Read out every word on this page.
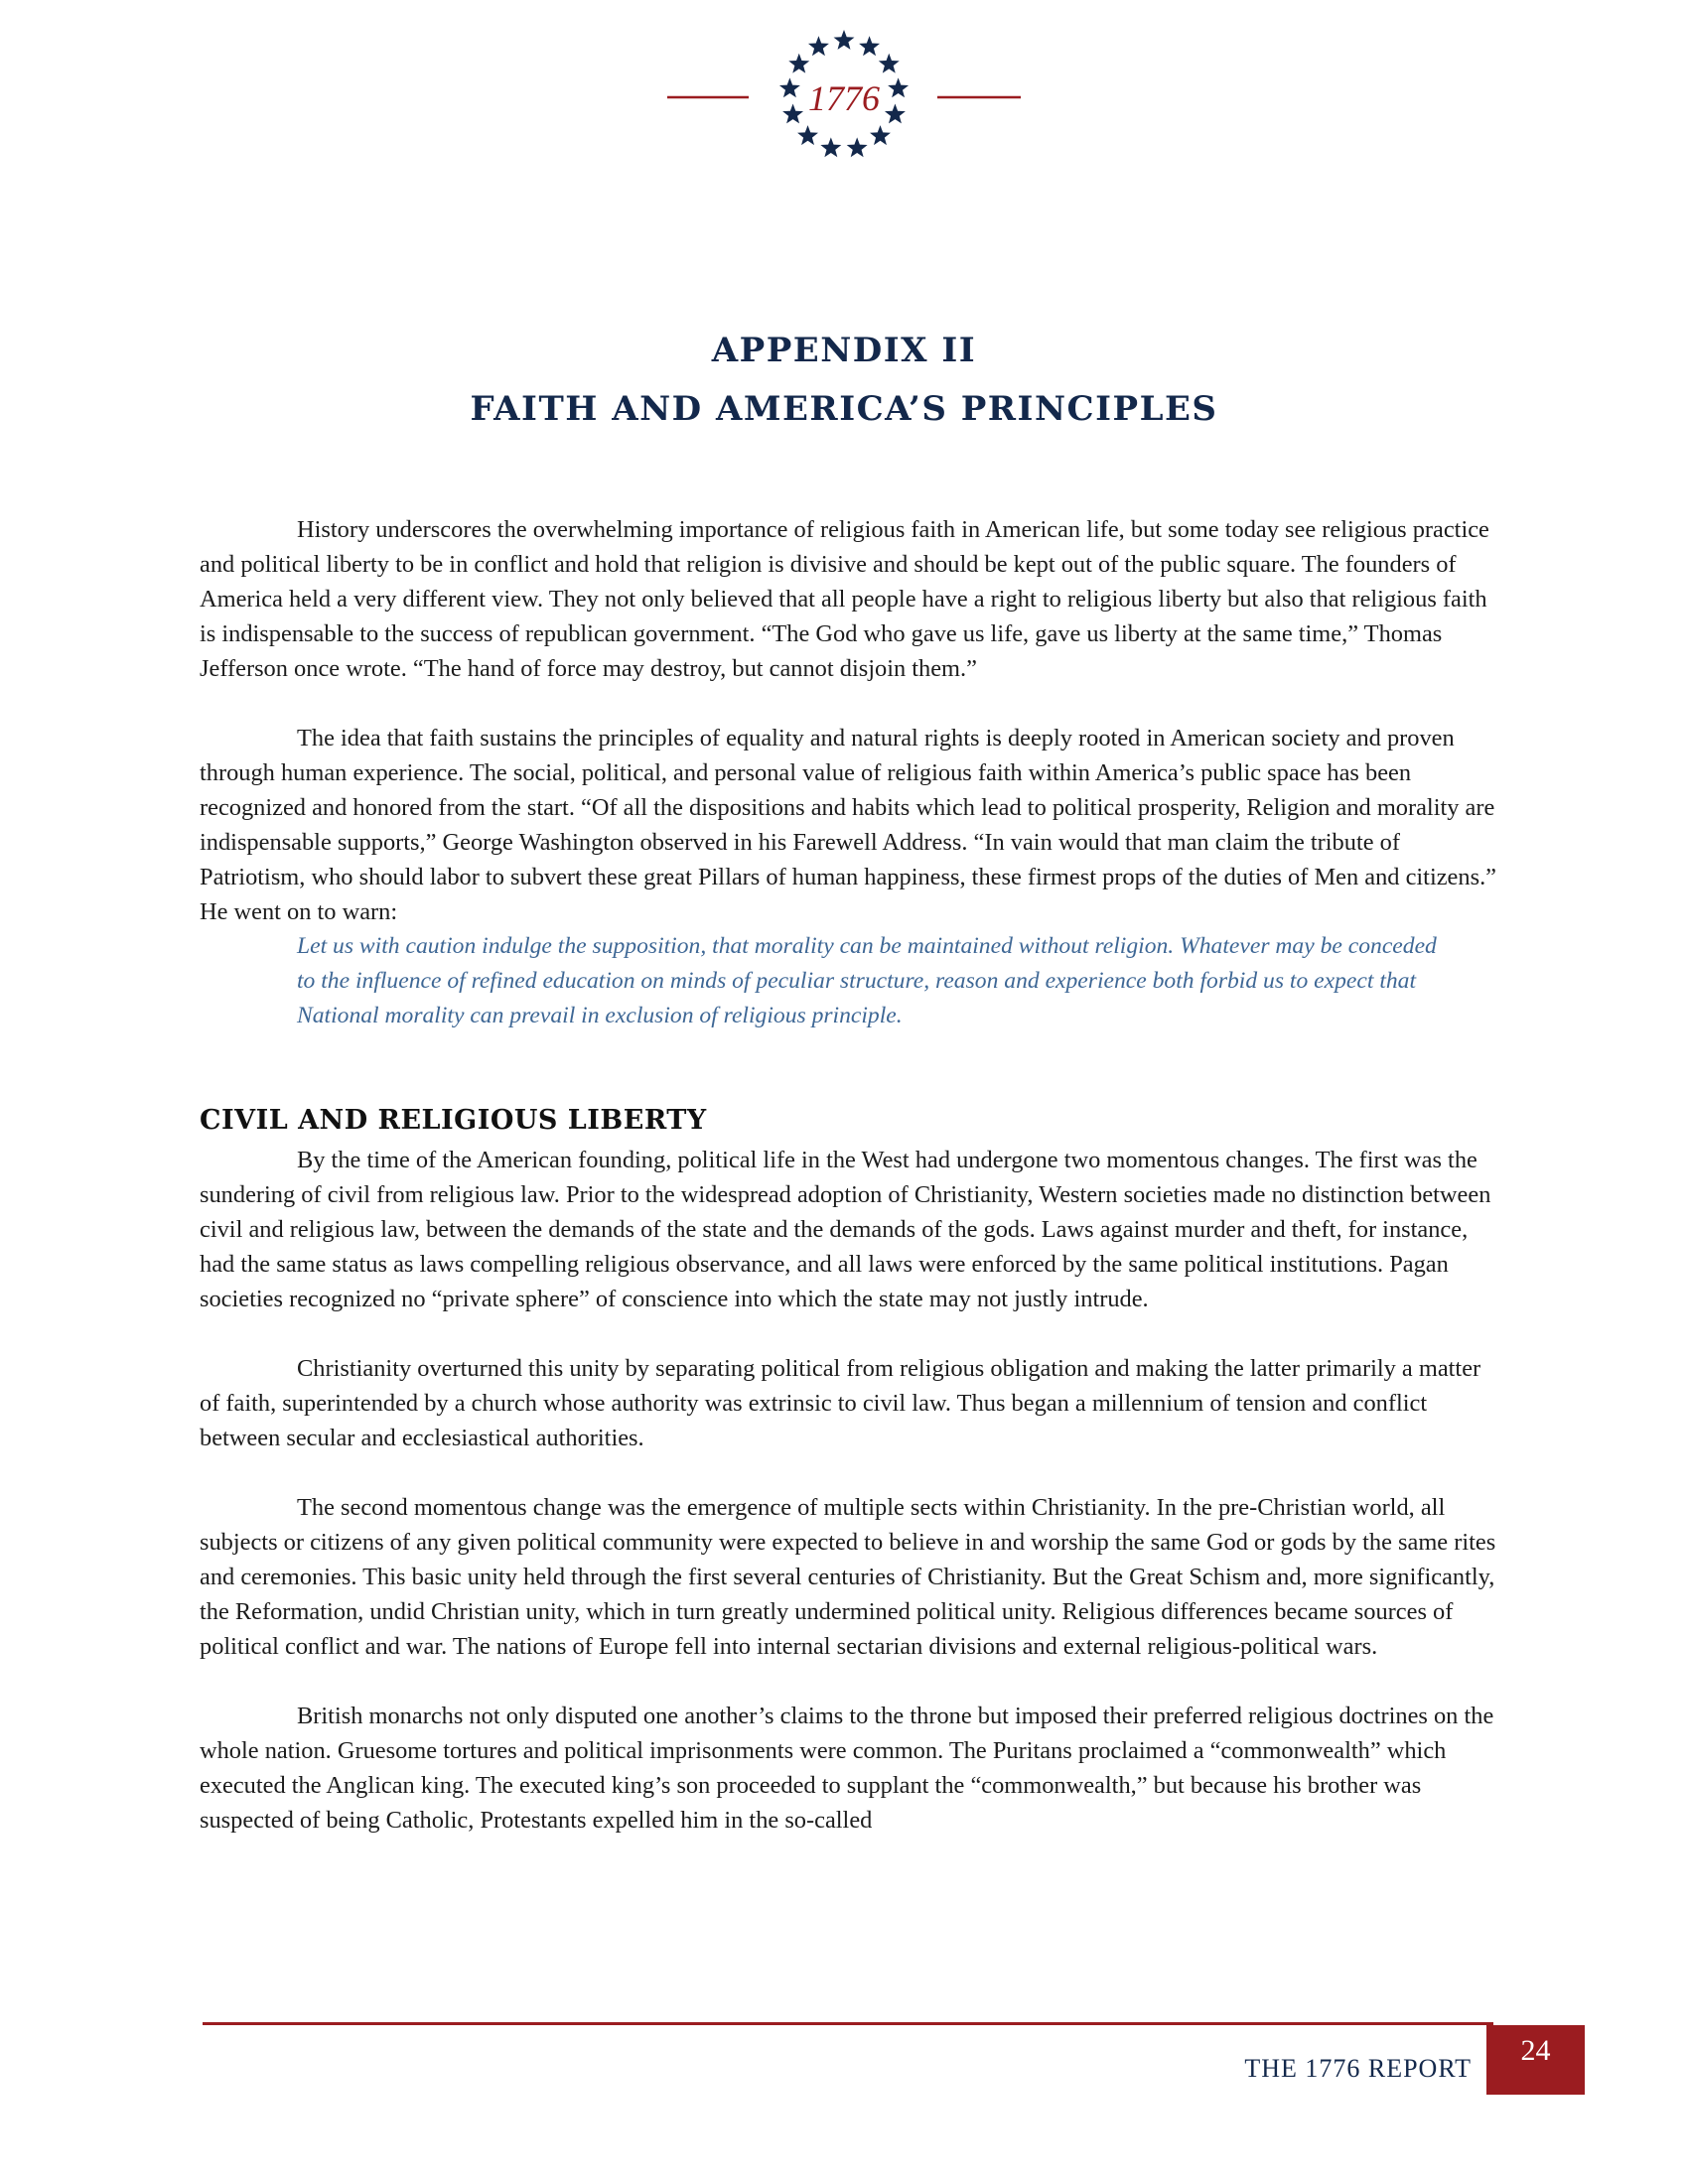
1776
APPENDIX II
FAITH AND AMERICA’S PRINCIPLES

History underscores the overwhelming importance of religious faith in American life, but some today see religious practice and political liberty to be in conflict and hold that religion is divisive and should be kept out of the public square. The founders of America held a very different view. They not only believed that all people have a right to religious liberty but also that religious faith is indispensable to the success of republican government. “The God who gave us life, gave us liberty at the same time,” Thomas Jefferson once wrote. “The hand of force may destroy, but cannot disjoin them.”

The idea that faith sustains the principles of equality and natural rights is deeply rooted in American society and proven through human experience. The social, political, and personal value of religious faith within America’s public space has been recognized and honored from the start. “Of all the dispositions and habits which lead to political prosperity, Religion and morality are indispensable supports,” George Washington observed in his Farewell Address. “In vain would that man claim the tribute of Patriotism, who should labor to subvert these great Pillars of human happiness, these firmest props of the duties of Men and citizens.” He went on to warn:

Let us with caution indulge the supposition, that morality can be maintained without religion. Whatever may be conceded to the influence of refined education on minds of peculiar structure, reason and experience both forbid us to expect that National morality can prevail in exclusion of religious principle.

CIVIL AND RELIGIOUS LIBERTY

By the time of the American founding, political life in the West had undergone two momentous changes. The first was the sundering of civil from religious law. Prior to the widespread adoption of Christianity, Western societies made no distinction between civil and religious law, between the demands of the state and the demands of the gods. Laws against murder and theft, for instance, had the same status as laws compelling religious observance, and all laws were enforced by the same political institutions. Pagan societies recognized no “private sphere” of conscience into which the state may not justly intrude.

Christianity overturned this unity by separating political from religious obligation and making the latter primarily a matter of faith, superintended by a church whose authority was extrinsic to civil law. Thus began a millennium of tension and conflict between secular and ecclesiastical authorities.

The second momentous change was the emergence of multiple sects within Christianity. In the pre-Christian world, all subjects or citizens of any given political community were expected to believe in and worship the same God or gods by the same rites and ceremonies. This basic unity held through the first several centuries of Christianity. But the Great Schism and, more significantly, the Reformation, undid Christian unity, which in turn greatly undermined political unity. Religious differences became sources of political conflict and war. The nations of Europe fell into internal sectarian divisions and external religious-political wars.

British monarchs not only disputed one another’s claims to the throne but imposed their preferred religious doctrines on the whole nation. Gruesome tortures and political imprisonments were common. The Puritans proclaimed a “commonwealth” which executed the Anglican king. The executed king’s son proceeded to supplant the “commonwealth,” but because his brother was suspected of being Catholic, Protestants expelled him in the so-called

THE 1776 REPORT
24
